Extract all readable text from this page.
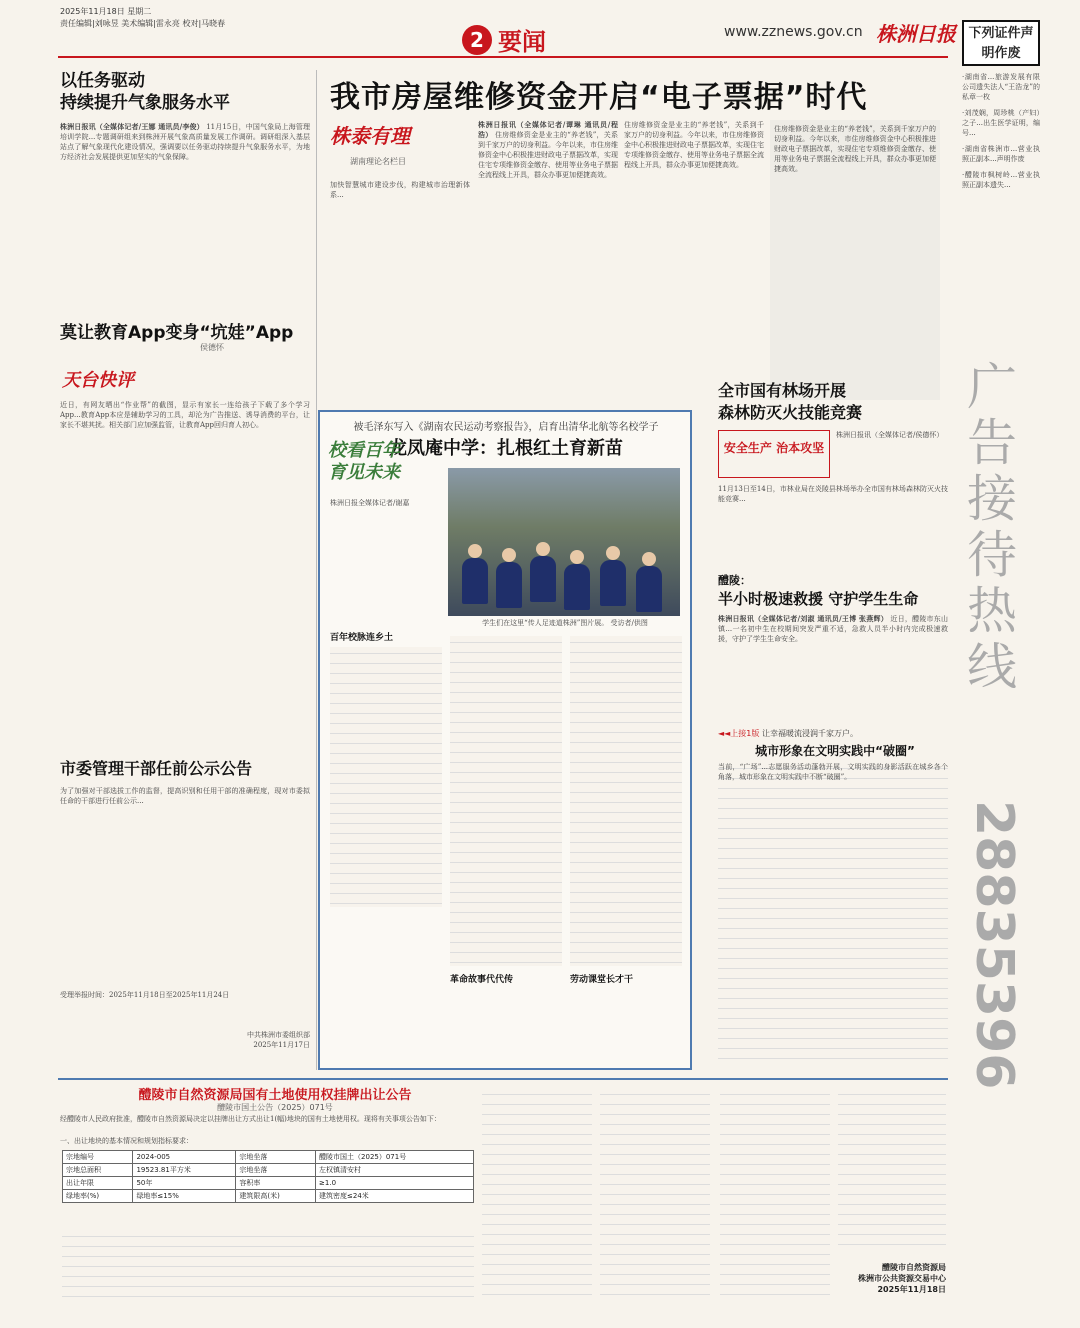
2025年11月18日 星期二
责任编辑|刘咏昱 美术编辑|雷永亮 校对|马晓春
2 要闻	www.zznews.gov.cn 株洲日报 下列证件声明作废
·湖南省...旅游发展有限公司遗失法人“王浩龙”的私章一枚
·刘茂娴，周珍桃（产妇）之子...出生医学证明，编号...
·湖南省株洲市...营业执照正副本...声明作废
·醴陵市枫树岭...营业执照正副本遗失...
广告接待热线
28835396
以任务驱动
持续提升气象服务水平
株洲日报讯（全媒体记者/王娜 通讯员/李俊） 11月15日，中国气象局上海管理培训学院...专题调研组来到株洲开展气象高质量发展工作调研。调研组深入基层站点了解气象现代化建设情况，强调要以任务驱动持续提升气象服务水平，为地方经济社会发展提供更加坚实的气象保障。
莫让教育App变身“坑娃”App
侯德怀
天台快评
近日，有网友晒出“作业帮”的截图，显示有家长一连给孩子下载了多个学习App...教育App本应是辅助学习的工具，却沦为广告推送、诱导消费的平台，让家长不堪其扰。相关部门应加强监管，让教育App回归育人初心。
市委管理干部任前公示公告
为了加强对干部选拔工作的监督，提高识别和任用干部的准确程度，现对市委拟任命的干部进行任前公示...
受理举报时间：2025年11月18日至2025年11月24日
中共株洲市委组织部
2025年11月17日
我市房屋维修资金开启“电子票据”时代
株泰有理
湖南理论名栏目
加快智慧城市建设步伐，构建城市治理新体系...
株洲日报讯（全媒体记者/谭琳 通讯员/程浩） 住房维修资金是业主的“养老钱”，关系到千家万户的切身利益。今年以来，市住房维修资金中心积极推进财政电子票据改革，实现住宅专项维修资金缴存、使用等业务电子票据全流程线上开具，群众办事更加便捷高效。
住房维修资金是业主的“养老钱”，关系到千家万户的切身利益。今年以来，市住房维修资金中心积极推进财政电子票据改革，实现住宅专项维修资金缴存、使用等业务电子票据全流程线上开具，群众办事更加便捷高效。
住房维修资金是业主的“养老钱”，关系到千家万户的切身利益。今年以来，市住房维修资金中心积极推进财政电子票据改革，实现住宅专项维修资金缴存、使用等业务电子票据全流程线上开具，群众办事更加便捷高效。
被毛泽东写入《湖南农民运动考察报告》，启育出清华北航等名校学子
龙凤庵中学：扎根红土育新苗
校看百年
育见未来
学生们在这里“传人足迹道株洲”图片展。 受访者/供图
株洲日报全媒体记者/谢嘉
百年校脉连乡土
革命故事代代传	劳动课堂长才干
全市国有林场开展
森林防灭火技能竞赛
安全生产 治本攻坚
株洲日报讯（全媒体记者/侯德怀）
11月13日至14日，市林业局在炎陵县林场举办全市国有林场森林防灭火技能竞赛...
醴陵：
半小时极速救援 守护学生生命
株洲日报讯（全媒体记者/刘淑 通讯员/王博 张燕辉） 近日，醴陵市东山镇...一名初中生在校期间突发严重不适，急救人员半小时内完成极速救援，守护了学生生命安全。
◄◄上接1版 让幸福暖流浸润千家万户。
城市形象在文明实践中“破圈”
当前，“广场”...志愿服务活动蓬勃开展，文明实践的身影活跃在城乡各个角落，城市形象在文明实践中不断“破圈”。
醴陵市自然资源局国有土地使用权挂牌出让公告
醴陵市国土公告（2025）071号
经醴陵市人民政府批准，醴陵市自然资源局决定以挂牌出让方式出让1(幅)地块的国有土地使用权。现将有关事项公告如下：
一、出让地块的基本情况和规划指标要求：
宗地编号	2024-005	宗地坐落	醴陵市国土（2025）071号
宗地总面积	19523.81平方米	宗地坐落	左权镇清安村
出让年限	50年	容积率	≥1.0
绿地率(%)	绿地率≤15%	建筑限高(米)	建筑密度≤24米
醴陵市自然资源局
株洲市公共资源交易中心
2025年11月18日
